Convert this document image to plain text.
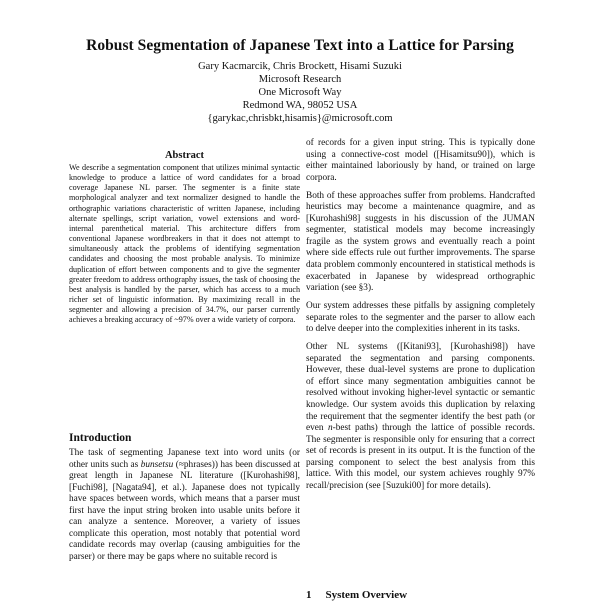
Robust Segmentation of Japanese Text into a Lattice for Parsing
Gary Kacmarcik, Chris Brockett, Hisami Suzuki
Microsoft Research
One Microsoft Way
Redmond WA, 98052 USA
{garykac,chrisbkt,hisamis}@microsoft.com
Abstract

We describe a segmentation component that utilizes minimal syntactic knowledge to produce a lattice of word candidates for a broad coverage Japanese NL parser. The segmenter is a finite state morphological analyzer and text normalizer designed to handle the orthographic variations characteristic of written Japanese, including alternate spellings, script variation, vowel extensions and word-internal parenthetical material. This architecture differs from conventional Japanese wordbreakers in that it does not attempt to simultaneously attack the problems of identifying segmentation candidates and choosing the most probable analysis. To minimize duplication of effort between components and to give the segmenter greater freedom to address orthography issues, the task of choosing the best analysis is handled by the parser, which has access to a much richer set of linguistic information. By maximizing recall in the segmenter and allowing a precision of 34.7%, our parser currently achieves a breaking accuracy of ~97% over a wide variety of corpora.

Introduction

The task of segmenting Japanese text into word units (or other units such as bunsetsu (≈phrases)) has been discussed at great length in Japanese NL literature ([Kurohashi98], [Fuchi98], [Nagata94], et al.). Japanese does not typically have spaces between words, which means that a parser must first have the input string broken into usable units before it can analyze a sentence. Moreover, a variety of issues complicate this operation, most notably that potential word candidate records may overlap (causing ambiguities for the parser) or there may be gaps where no suitable record is

of records for a given input string. This is typically done using a connective-cost model ([Hisamitsu90]), which is either maintained laboriously by hand, or trained on large corpora.

Both of these approaches suffer from problems. Handcrafted heuristics may become a maintenance quagmire, and as [Kurohashi98] suggests in his discussion of the JUMAN segmenter, statistical models may become increasingly fragile as the system grows and eventually reach a point where side effects rule out further improvements. The sparse data problem commonly encountered in statistical methods is exacerbated in Japanese by widespread orthographic variation (see §3).

Our system addresses these pitfalls by assigning completely separate roles to the segmenter and the parser to allow each to delve deeper into the complexities inherent in its tasks.

Other NL systems ([Kitani93], [Kurohashi98]) have separated the segmentation and parsing components. However, these dual-level systems are prone to duplication of effort since many segmentation ambiguities cannot be resolved without invoking higher-level syntactic or semantic knowledge. Our system avoids this duplication by relaxing the requirement that the segmenter identify the best path (or even n-best paths) through the lattice of possible records. The segmenter is responsible only for ensuring that a correct set of records is present in its output. It is the function of the parsing component to select the best analysis from this lattice. With this model, our system achieves roughly 97% recall/precision (see [Suzuki00] for more details).

1 System Overview
